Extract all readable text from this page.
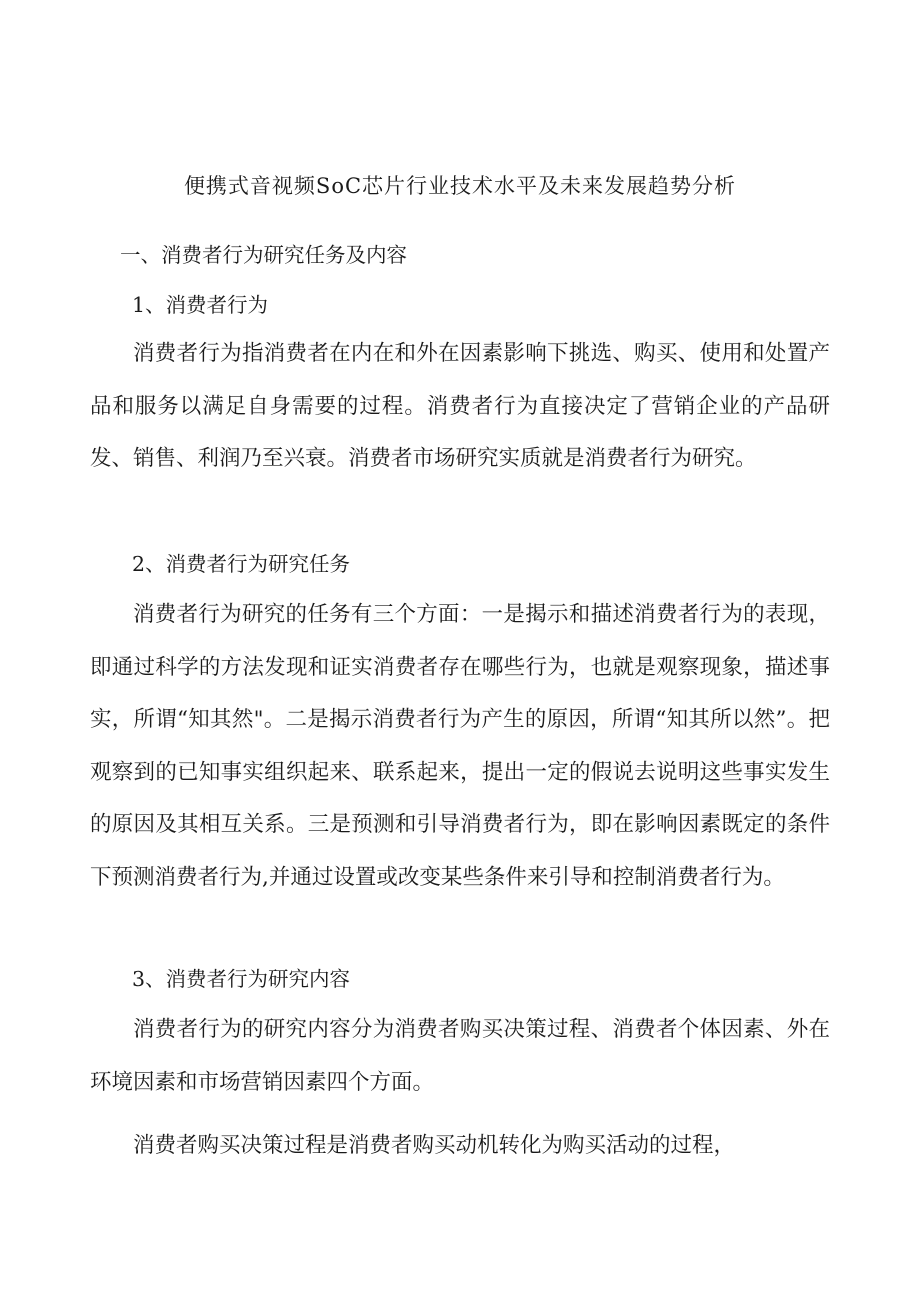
便携式音视频SoC芯片行业技术水平及未来发展趋势分析
一、消费者行为研究任务及内容
1、消费者行为

消费者行为指消费者在内在和外在因素影响下挑选、购买、使用和处置产品和服务以满足自身需要的过程。消费者行为直接决定了营销企业的产品研发、销售、利润乃至兴衰。消费者市场研究实质就是消费者行为研究。

2、消费者行为研究任务

消费者行为研究的任务有三个方面：一是揭示和描述消费者行为的表现，即通过科学的方法发现和证实消费者存在哪些行为，也就是观察现象，描述事实，所谓“知其然"。二是揭示消费者行为产生的原因，所谓“知其所以然”。把观察到的已知事实组织起来、联系起来，提出一定的假说去说明这些事实发生的原因及其相互关系。三是预测和引导消费者行为，即在影响因素既定的条件下预测消费者行为,并通过设置或改变某些条件来引导和控制消费者行为。

3、消费者行为研究内容

消费者行为的研究内容分为消费者购买决策过程、消费者个体因素、外在环境因素和市场营销因素四个方面。

消费者购买决策过程是消费者购买动机转化为购买活动的过程，
